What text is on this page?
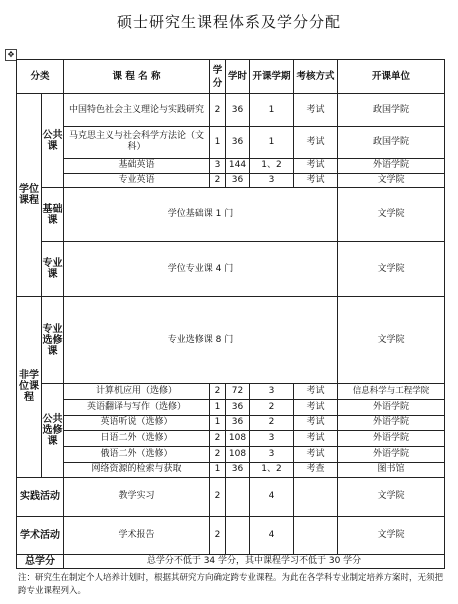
硕士研究生课程体系及学分分配
✥
分类		课 程 名 称	学分	学时	开课学期	考核方式	开课单位
学位课程	公共课	中国特色社会主义理论与实践研究	2	36	1	考试	政国学院
		马克思主义与社会科学方法论（文科）	1	36	1	考试	政国学院
		基础英语	3	144	1、2	考试	外语学院
		专业英语	2	36	3	考试	文学院
	基础课	学位基础课 1 门					文学院
	专业课	学位专业课 4 门					文学院
非学位课程	专业选修课	专业选修课 8 门					文学院
	公共选修课	计算机应用（选修）	2	72	3	考试	信息科学与工程学院
		英语翻译与写作（选修）	1	36	2	考试	外语学院
		英语听说（选修）	1	36	2	考试	外语学院
		日语二外（选修）	2	108	3	考试	外语学院
		俄语二外（选修）	2	108	3	考试	外语学院
		网络资源的检索与获取	1	36	1、2	考查	图书馆
实践活动		教学实习	2		4		文学院
学术活动		学术报告	2		4		文学院
总学分		总学分不低于 34 学分，其中课程学习不低于 30 学分					
注：研究生在制定个人培养计划时，根据其研究方向确定跨专业课程。为此在各学科专业制定培养方案时，无须把跨专业课程列入。
